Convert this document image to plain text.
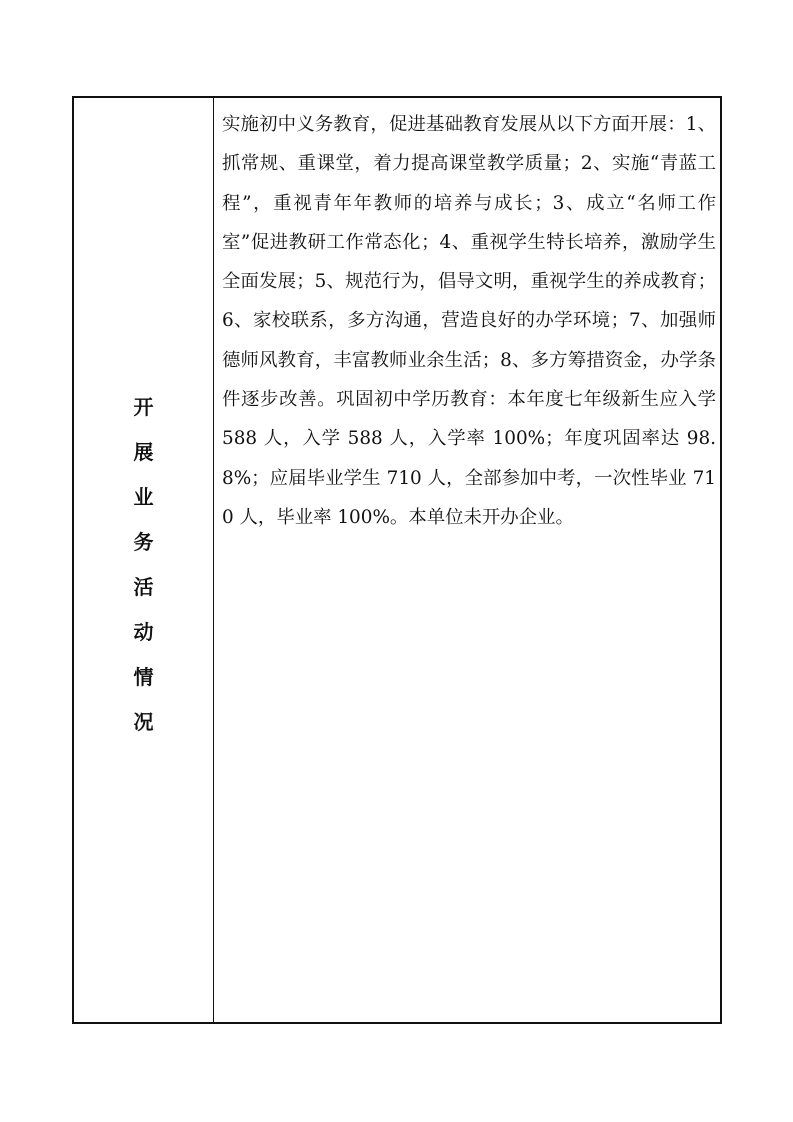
开
展
业
务
活
动
情
况

实施初中义务教育，促进基础教育发展从以下方面开展：1、抓常规、重课堂，着力提高课堂教学质量；2、实施“青蓝工程”，重视青年年教师的培养与成长；3、成立“名师工作室”促进教研工作常态化；4、重视学生特长培养，激励学生全面发展；5、规范行为，倡导文明，重视学生的养成教育；6、家校联系，多方沟通，营造良好的办学环境；7、加强师德师风教育，丰富教师业余生活；8、多方筹措资金，办学条件逐步改善。巩固初中学历教育：本年度七年级新生应入学 588 人，入学 588 人，入学率 100%；年度巩固率达 98.8%；应届毕业学生 710 人，全部参加中考，一次性毕业 710 人，毕业率 100%。本单位未开办企业。
